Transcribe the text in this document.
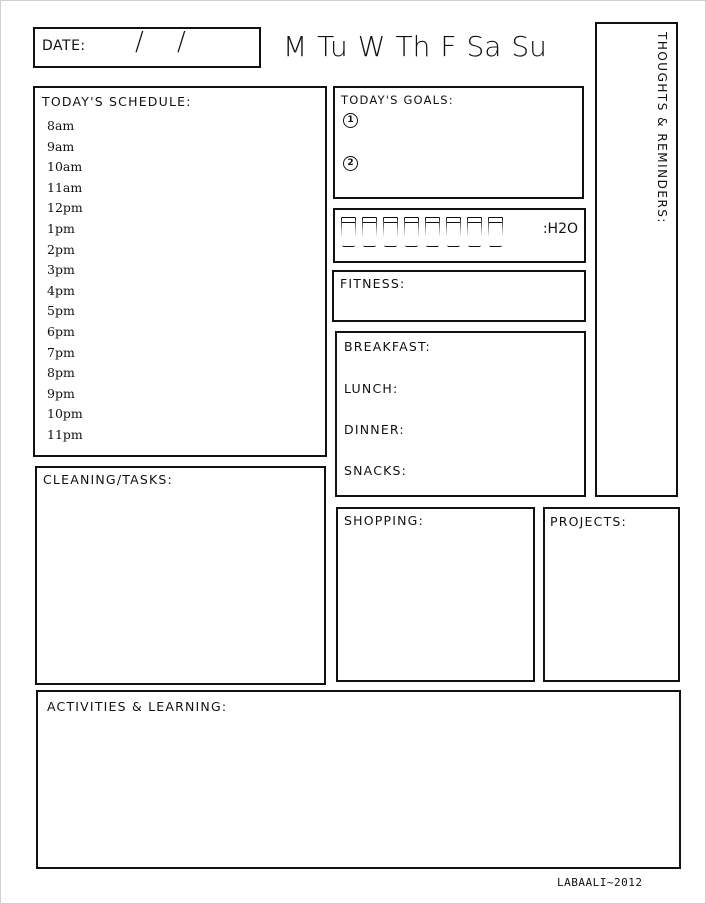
DATE: / /	M Tu W Th F Sa Su	THOUGHTS & REMINDERS:
TODAY'S SCHEDULE:
8am
9am
10am
11am
12pm
1pm
2pm
3pm
4pm
5pm
6pm
7pm
8pm
9pm
10pm
11pm
TODAY'S GOALS:
1
2
:H2O
FITNESS:
BREAKFAST:
LUNCH:
DINNER:
SNACKS:
CLEANING/TASKS:
SHOPPING:	PROJECTS:
ACTIVITIES & LEARNING:
LABAALI~2012
